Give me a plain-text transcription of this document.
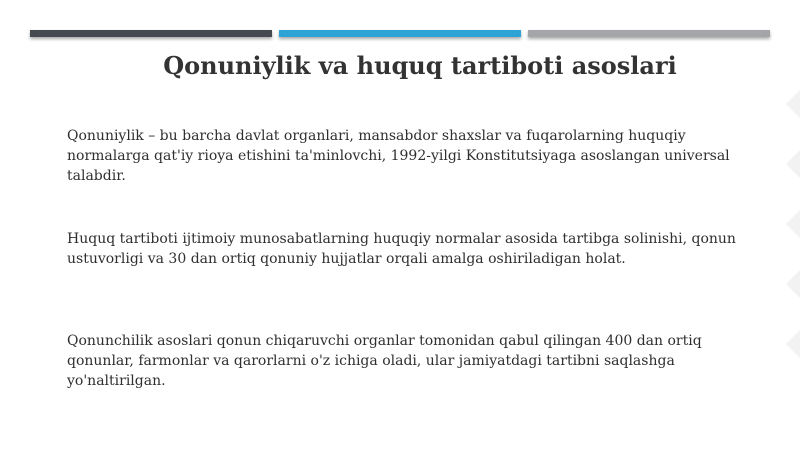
Qonuniylik va huquq tartiboti asoslari
Qonuniylik – bu barcha davlat organlari, mansabdor shaxslar va fuqarolarning huquqiy normalarga qat'iy rioya etishini ta'minlovchi, 1992-yilgi Konstitutsiyaga asoslangan universal talabdir.
Huquq tartiboti ijtimoiy munosabatlarning huquqiy normalar asosida tartibga solinishi, qonun ustuvorligi va 30 dan ortiq qonuniy hujjatlar orqali amalga oshiriladigan holat.
Qonunchilik asoslari qonun chiqaruvchi organlar tomonidan qabul qilingan 400 dan ortiq qonunlar, farmonlar va qarorlarni o'z ichiga oladi, ular jamiyatdagi tartibni saqlashga yo'naltirilgan.
